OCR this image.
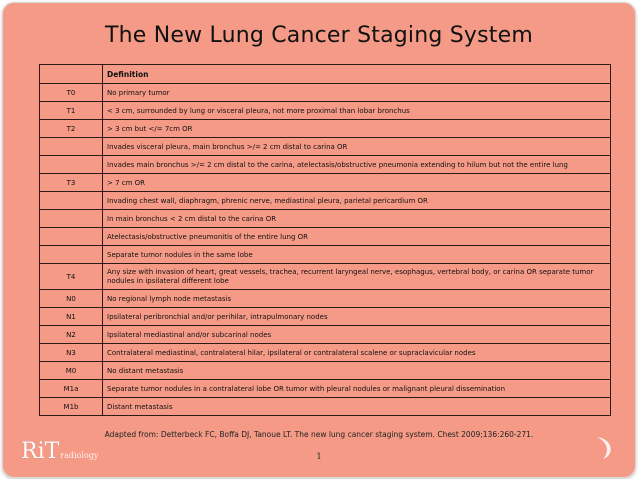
The New Lung Cancer Staging System
	Definition
T0	No primary tumor
T1	< 3 cm, surrounded by lung or visceral pleura, not more proximal than lobar bronchus
T2	> 3 cm but </= 7cm OR
	Invades visceral pleura, main bronchus >/= 2 cm distal to carina OR
	Invades main bronchus >/= 2 cm distal to the carina, atelectasis/obstructive pneumonia extending to hilum but not the entire lung
T3	> 7 cm OR
	Invading chest wall, diaphragm, phrenic nerve, mediastinal pleura, parietal pericardium OR
	In main bronchus < 2 cm distal to the carina OR
	Atelectasis/obstructive pneumonitis of the entire lung OR
	Separate tumor nodules in the same lobe
T4	Any size with invasion of heart, great vessels, trachea, recurrent laryngeal nerve, esophagus, vertebral body, or carina OR separate tumor nodules in ipsilateral different lobe

N0	No regional lymph node metastasis
N1	Ipsilateral peribronchial and/or perihilar, intrapulmonary nodes
N2	Ipsilateral mediastinal and/or subcarinal nodes
N3	Contralateral mediastinal, contralateral hilar, ipsilateral or contralateral scalene or supraclavicular nodes
M0	No distant metastasis
M1a	Separate tumor nodules in a contralateral lobe OR tumor with pleural nodules or malignant pleural dissemination
M1b	Distant metastasis
Adapted from: Detterbeck FC, Boffa DJ, Tanoue LT. The new lung cancer staging system. Chest 2009;136:260-271.
1
RiTradiology
